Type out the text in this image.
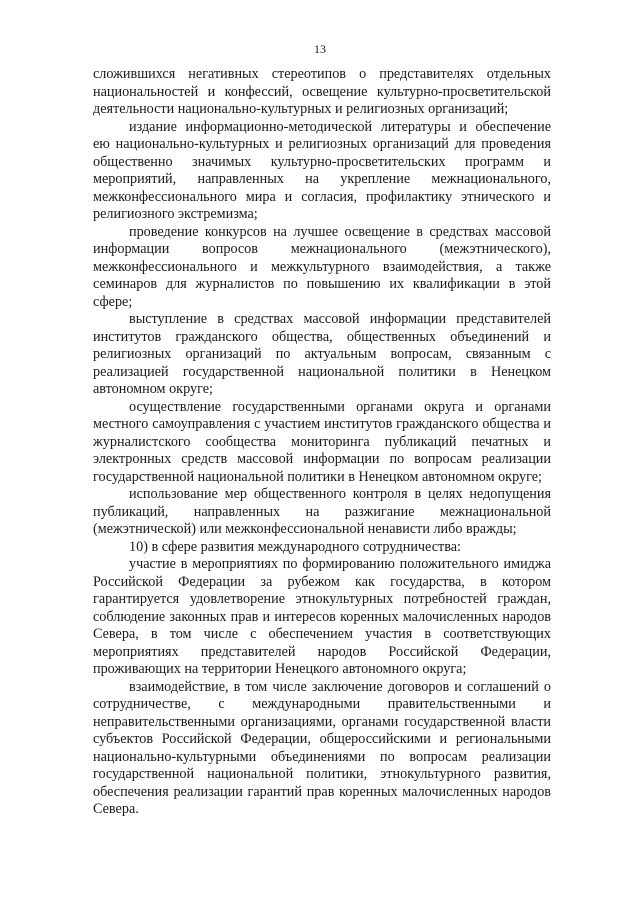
13

сложившихся негативных стереотипов о представителях отдельных национальностей и конфессий, освещение культурно-просветительской деятельности национально-культурных и религиозных организаций;

издание информационно-методической литературы и обеспечение ею национально-культурных и религиозных организаций для проведения общественно значимых культурно-просветительских программ и мероприятий, направленных на укрепление межнационального, межконфессионального мира и согласия, профилактику этнического и религиозного экстремизма;

проведение конкурсов на лучшее освещение в средствах массовой информации вопросов межнационального (межэтнического), межконфессионального и межкультурного взаимодействия, а также семинаров для журналистов по повышению их квалификации в этой сфере;

выступление в средствах массовой информации представителей институтов гражданского общества, общественных объединений и религиозных организаций по актуальным вопросам, связанным с реализацией государственной национальной политики в Ненецком автономном округе;

осуществление государственными органами округа и органами местного самоуправления с участием институтов гражданского общества и журналистского сообщества мониторинга публикаций печатных и электронных средств массовой информации по вопросам реализации государственной национальной политики в Ненецком автономном округе;

использование мер общественного контроля в целях недопущения публикаций, направленных на разжигание межнациональной (межэтнической) или межконфессиональной ненависти либо вражды;

10) в сфере развития международного сотрудничества:

участие в мероприятиях по формированию положительного имиджа Российской Федерации за рубежом как государства, в котором гарантируется удовлетворение этнокультурных потребностей граждан, соблюдение законных прав и интересов коренных малочисленных народов Севера, в том числе с обеспечением участия в соответствующих мероприятиях представителей народов Российской Федерации, проживающих на территории Ненецкого автономного округа;

взаимодействие, в том числе заключение договоров и соглашений о сотрудничестве, с международными правительственными и неправительственными организациями, органами государственной власти субъектов Российской Федерации, общероссийскими и региональными национально-культурными объединениями по вопросам реализации государственной национальной политики, этнокультурного развития, обеспечения реализации гарантий прав коренных малочисленных народов Севера.
